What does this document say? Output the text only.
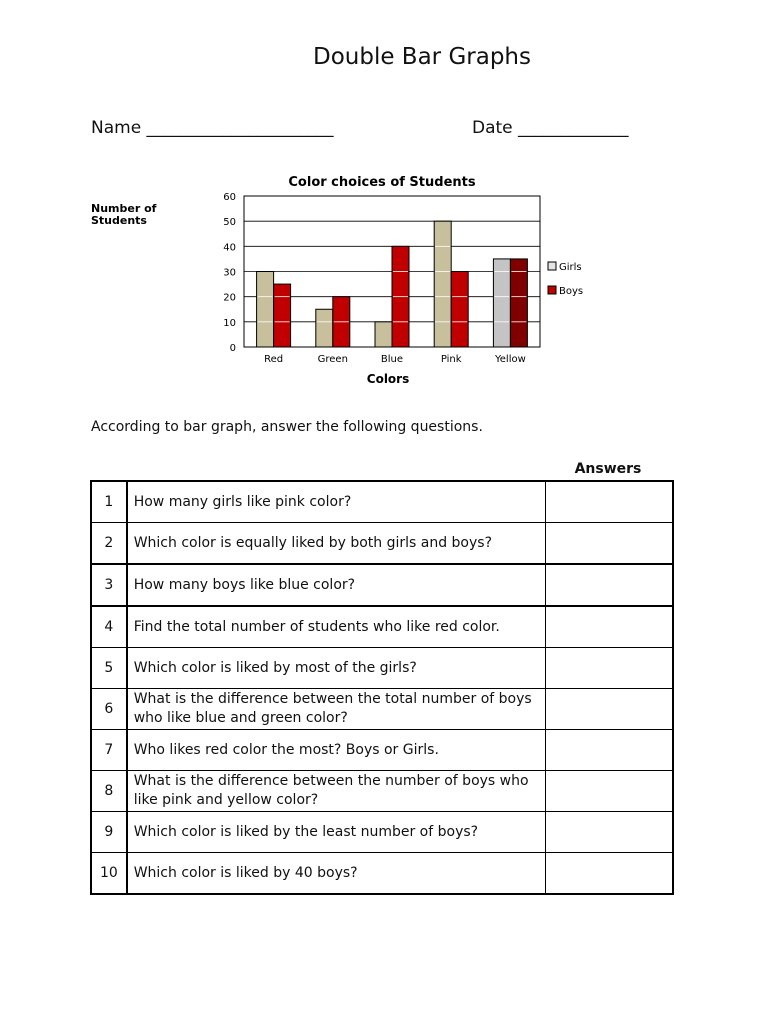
Double Bar Graphs
Name ______________________	Date _____________
Color choices of Students
Number of
Students
Colors
0
10
20
30
40
50
60
Red	Green	Blue	Pink	Yellow
Girls
Boys
According to bar graph, answer the following questions.
Answers
1	How many girls like pink color?	
2	Which color is equally liked by both girls and boys?	
3	How many boys like blue color?	
4	Find the total number of students who like red color.	
5	Which color is liked by most of the girls?	
6	What is the difference between the total number of boys who like blue and green color?	
7	Who likes red color the most? Boys or Girls.	
8	What is the difference between the number of boys who like pink and yellow color?	
9	Which color is liked by the least number of boys?	
10	Which color is liked by 40 boys?	
